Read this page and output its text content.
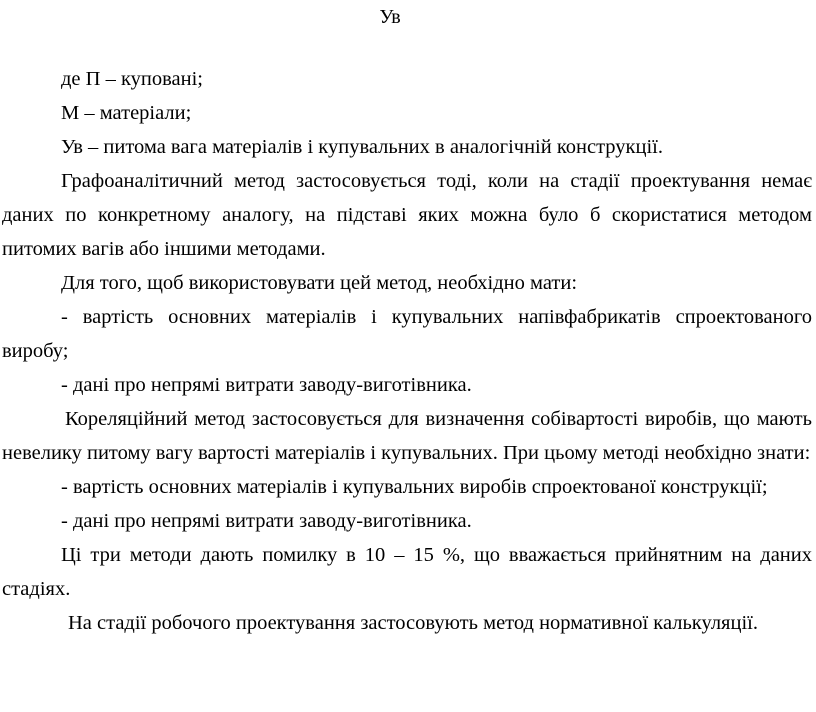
Ув

де П – куповані;

М – матеріали;

Ув – питома вага матеріалів і купувальних в аналогічній конструкції.

Графоаналітичний метод застосовується тоді, коли на стадії проектування немає даних по конкретному аналогу, на підставі яких можна було б скористатися методом питомих вагів або іншими методами.

Для того, щоб використовувати цей метод, необхідно мати:

- вартість основних матеріалів і купувальних напівфабрикатів спроектованого виробу;

- дані про непрямі витрати заводу-виготівника.

Кореляційний метод застосовується для визначення собівартості виробів, що мають невелику питому вагу вартості матеріалів і купувальних. При цьому методі необхідно знати:

- вартість основних матеріалів і купувальних виробів спроектованої конструкції;

- дані про непрямі витрати заводу-виготівника.

Ці три методи дають помилку в 10 – 15 %, що вважається прийнятним на даних стадіях.

На стадії робочого проектування застосовують метод нормативної калькуляції.
